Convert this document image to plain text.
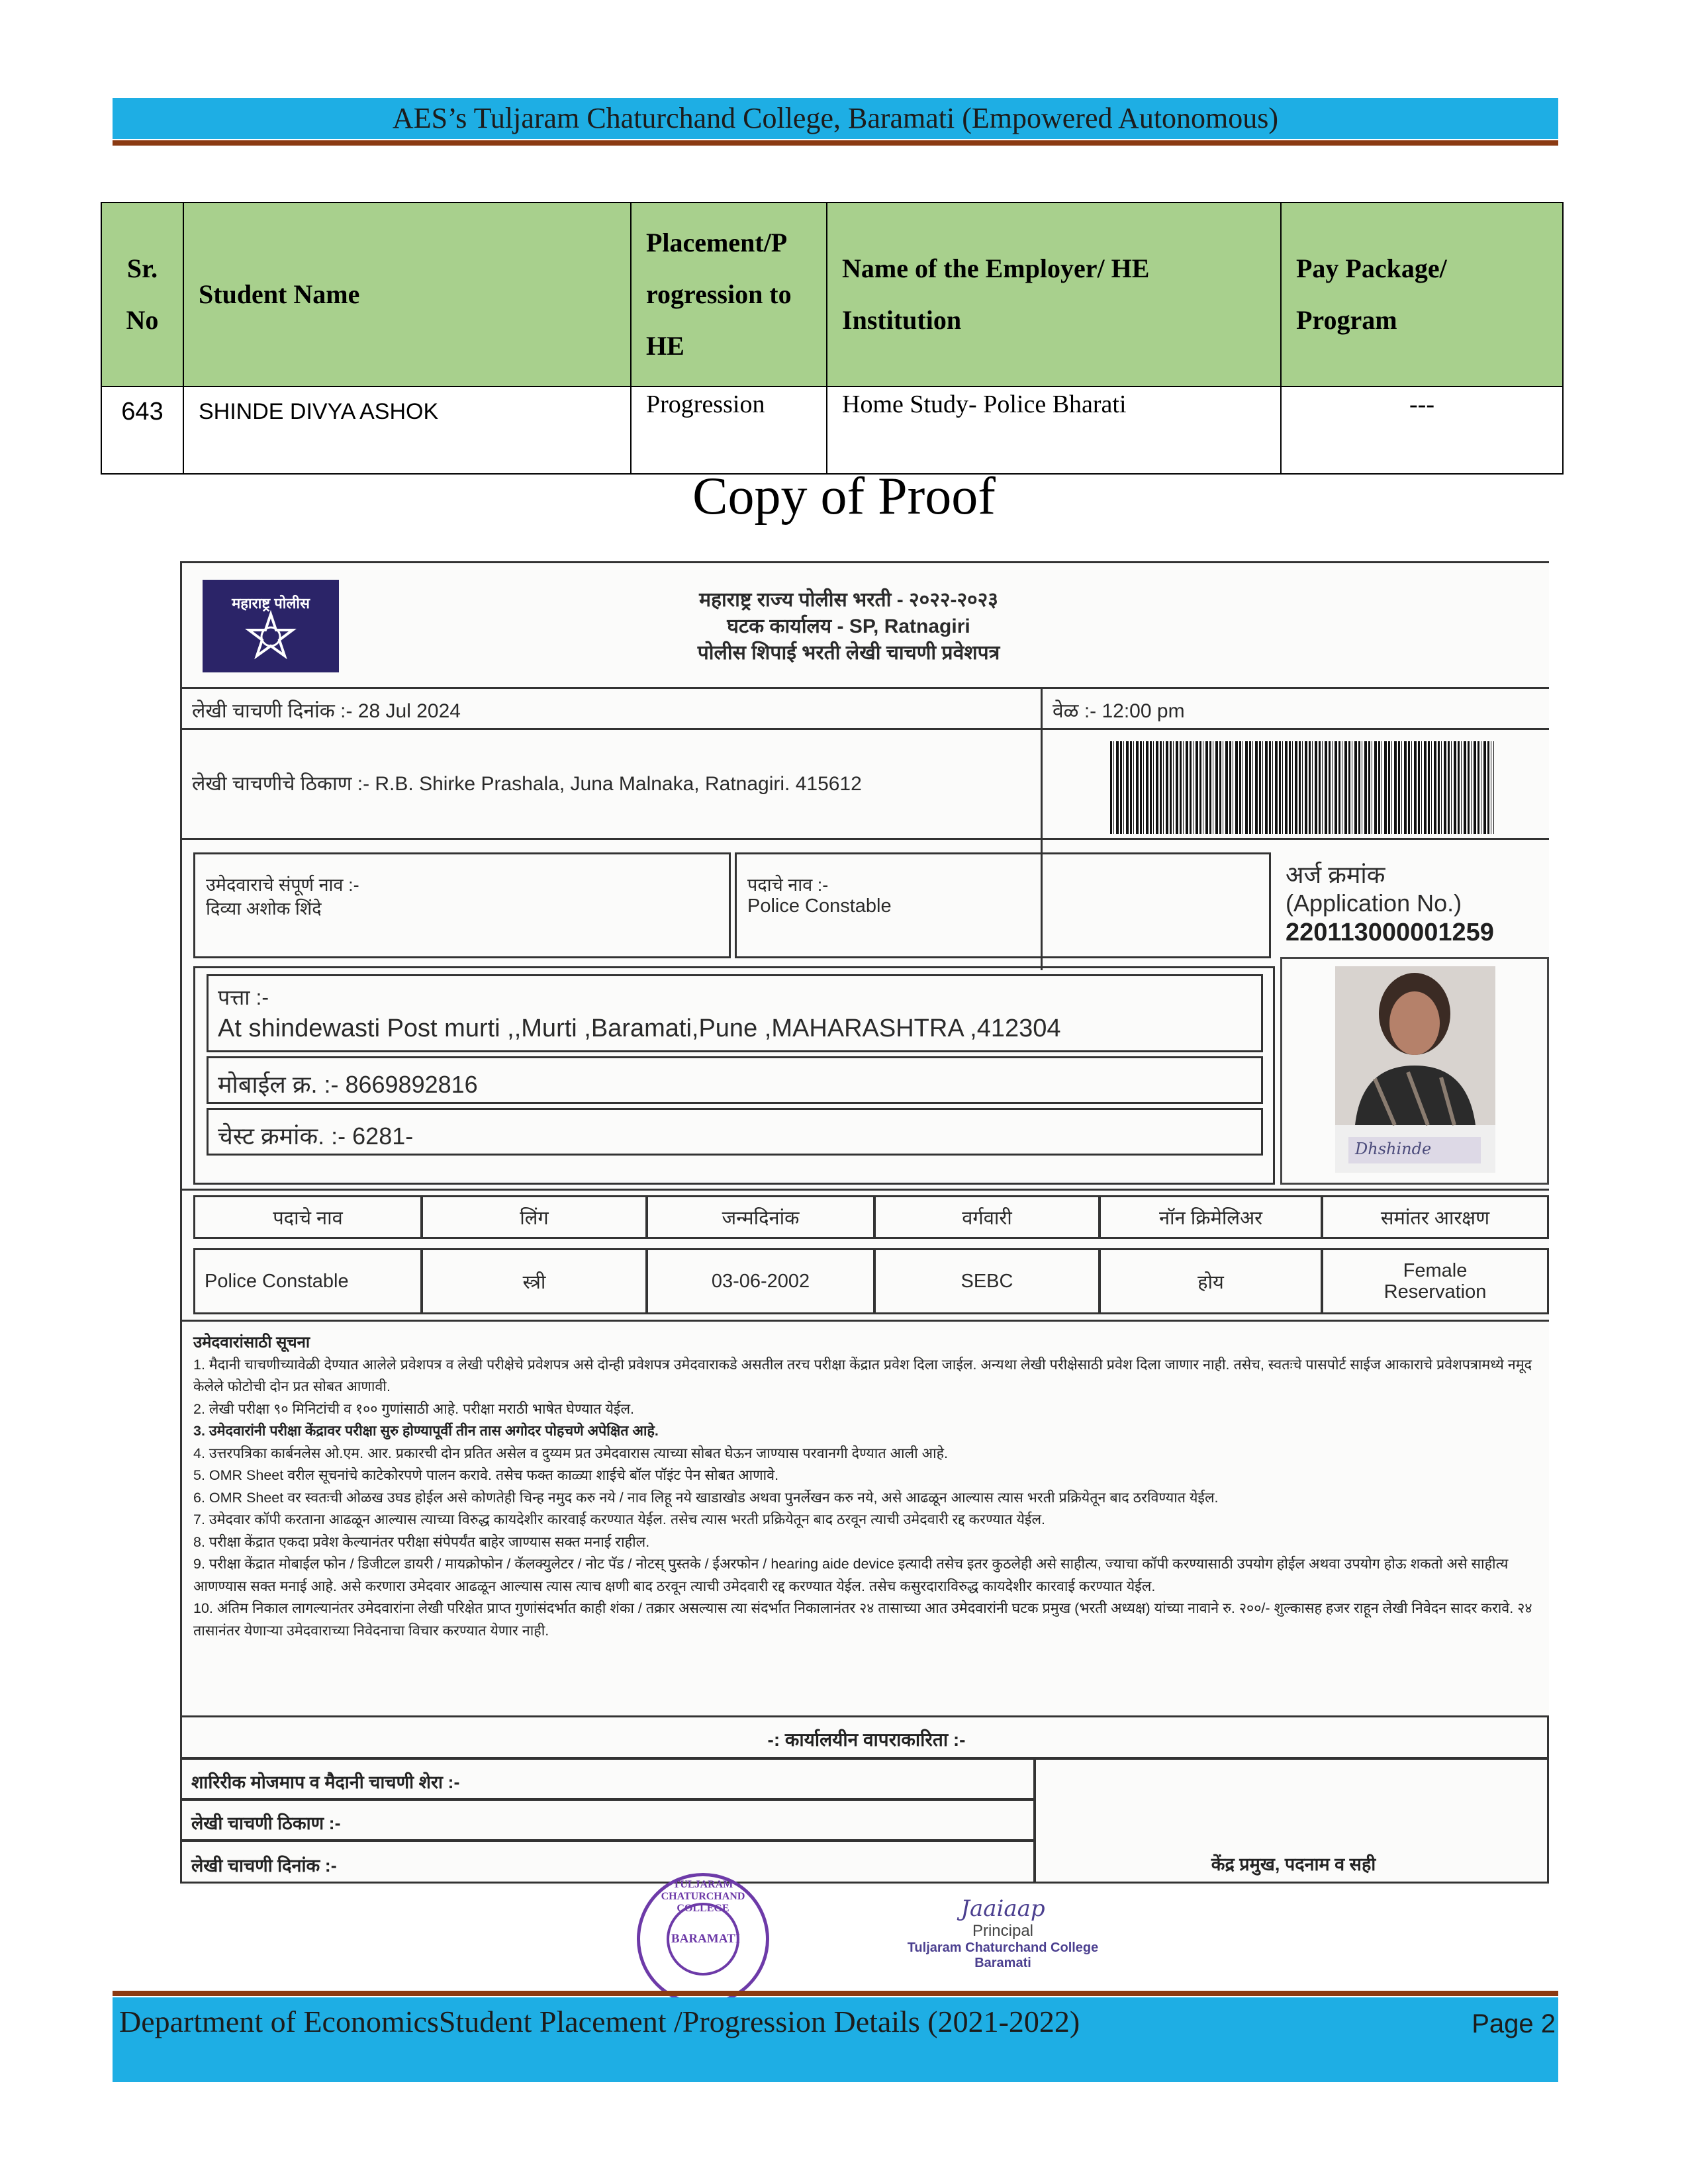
AES’s Tuljaram Chaturchand College, Baramati (Empowered Autonomous)
Sr. No	Student Name	Placement/P rogression to HE	Name of the Employer/ HE Institution	Pay Package/ Program
643	SHINDE DIVYA ASHOK	Progression	Home Study- Police Bharati	---
Copy of Proof
महाराष्ट्र पोलीस	महाराष्ट्र राज्य पोलीस भरती - २०२२-२०२३
घटक कार्यालय - SP, Ratnagiri
पोलीस शिपाई भरती लेखी चाचणी प्रवेशपत्र
लेखी चाचणी दिनांक :- 28 Jul 2024	वेळ :- 12:00 pm
लेखी चाचणीचे ठिकाण :- R.B. Shirke Prashala, Juna Malnaka, Ratnagiri. 415612
उमेदवाराचे संपूर्ण नाव :-
दिव्या अशोक शिंदे
पदाचे नाव :-
Police Constable
अर्ज क्रमांक
(Application No.)
220113000001259
पत्ता :-
At shindewasti Post murti ,,Murti ,Baramati,Pune ,MAHARASHTRA ,412304
मोबाईल क्र. :- 8669892816
चेस्ट क्रमांक. :- 6281-	Dhshinde
पदाचे नाव	लिंग	जन्मदिनांक	वर्गवारी	नॉन क्रिमेलिअर	समांतर आरक्षण
Police Constable	स्त्री	03-06-2002	SEBC	होय
Female Reservation

उमेदवारांसाठी सूचना

1. मैदानी चाचणीच्यावेळी देण्यात आलेले प्रवेशपत्र व लेखी परीक्षेचे प्रवेशपत्र असे दोन्ही प्रवेशपत्र उमेदवाराकडे असतील तरच परीक्षा केंद्रात प्रवेश दिला जाईल. अन्यथा लेखी परीक्षेसाठी प्रवेश दिला जाणार नाही. तसेच, स्वतःचे पासपोर्ट साईज आकाराचे प्रवेशपत्रामध्ये नमूद केलेले फोटोची दोन प्रत सोबत आणावी.

2. लेखी परीक्षा ९० मिनिटांची व १०० गुणांसाठी आहे. परीक्षा मराठी भाषेत घेण्यात येईल.

3. उमेदवारांनी परीक्षा केंद्रावर परीक्षा सुरु होण्यापूर्वी तीन तास अगोदर पोहचणे अपेक्षित आहे.

4. उत्तरपत्रिका कार्बनलेस ओ.एम. आर. प्रकारची दोन प्रतित असेल व दुय्यम प्रत उमेदवारास त्याच्या सोबत घेऊन जाण्यास परवानगी देण्यात आली आहे.

5. OMR Sheet वरील सूचनांचे काटेकोरपणे पालन करावे. तसेच फक्त काळ्या शाईचे बॉल पॉइंट पेन सोबत आणावे.

6. OMR Sheet वर स्वतःची ओळख उघड होईल असे कोणतेही चिन्ह नमुद करु नये / नाव लिहू नये खाडाखोड अथवा पुनर्लेखन करु नये, असे आढळून आल्यास त्यास भरती प्रक्रियेतून बाद ठरविण्यात येईल.

7. उमेदवार कॉपी करताना आढळून आल्यास त्याच्या विरुद्ध कायदेशीर कारवाई करण्यात येईल. तसेच त्यास भरती प्रक्रियेतून बाद ठरवून त्याची उमेदवारी रद्द करण्यात येईल.

8. परीक्षा केंद्रात एकदा प्रवेश केल्यानंतर परीक्षा संपेपर्यंत बाहेर जाण्यास सक्त मनाई राहील.

9. परीक्षा केंद्रात मोबाईल फोन / डिजीटल डायरी / मायक्रोफोन / कॅलक्युलेटर / नोट पॅड / नोटस् पुस्तके / ईअरफोन / hearing aide device इत्यादी तसेच इतर कुठलेही असे साहीत्य, ज्याचा कॉपी करण्यासाठी उपयोग होईल अथवा उपयोग होऊ शकतो असे साहीत्य आणण्यास सक्त मनाई आहे. असे करणारा उमेदवार आढळून आल्यास त्यास त्याच क्षणी बाद ठरवून त्याची उमेदवारी रद्द करण्यात येईल. तसेच कसुरदाराविरुद्ध कायदेशीर कारवाई करण्यात येईल.

10. अंतिम निकाल लागल्यानंतर उमेदवारांना लेखी परिक्षेत प्राप्त गुणांसंदर्भात काही शंका / तक्रार असल्यास त्या संदर्भात निकालानंतर २४ तासाच्या आत उमेदवारांनी घटक प्रमुख (भरती अध्यक्ष) यांच्या नावाने रु. २००/- शुल्कासह हजर राहून लेखी निवेदन सादर करावे. २४ तासानंतर येणाऱ्या उमेदवाराच्या निवेदनाचा विचार करण्यात येणार नाही.

-: कार्यालयीन वापराकारिता :-
शारिरीक मोजमाप व मैदानी चाचणी शेरा :-
लेखी चाचणी ठिकाण :-
लेखी चाचणी दिनांक :-	केंद्र प्रमुख, पदनाम व सही
TULJARAM CHATURCHAND COLLEGE
BARAMATI
Jaaiaap
Principal
Tuljaram Chaturchand College
Baramati
Department of EconomicsStudent Placement /Progression Details (2021-2022)	Page 2
